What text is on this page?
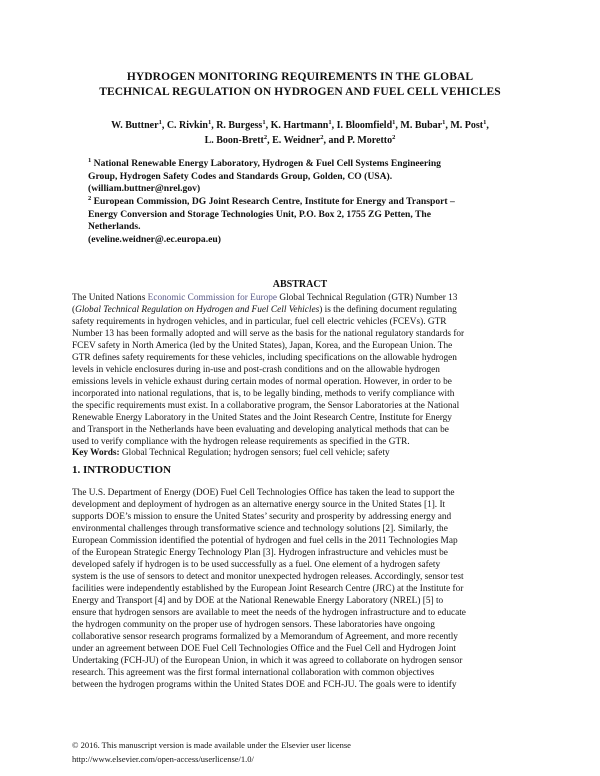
HYDROGEN MONITORING REQUIREMENTS IN THE GLOBAL
TECHNICAL REGULATION ON HYDROGEN AND FUEL CELL VEHICLES
W. Buttner$^1$, C. Rivkin$^1$, R. Burgess$^1$, K. Hartmann$^1$, I. Bloomfield$^1$, M. Bubar$^1$, M. Post$^1$,
L. Boon-Brett$^2$, E. Weidner$^2$, and P. Moretto$^2$
$^1$ National Renewable Energy Laboratory, Hydrogen & Fuel Cell Systems Engineering
Group, Hydrogen Safety Codes and Standards Group, Golden, CO (USA).
(william.buttner@nrel.gov)
$^2$ European Commission, DG Joint Research Centre, Institute for Energy and Transport –
Energy Conversion and Storage Technologies Unit, P.O. Box 2, 1755 ZG Petten, The
Netherlands.
(eveline.weidner@.ec.europa.eu)
ABSTRACT
The United Nations Economic Commission for Europe Global Technical Regulation (GTR) Number 13
(Global Technical Regulation on Hydrogen and Fuel Cell Vehicles) is the defining document regulating
safety requirements in hydrogen vehicles, and in particular, fuel cell electric vehicles (FCEVs). GTR
Number 13 has been formally adopted and will serve as the basis for the national regulatory standards for
FCEV safety in North America (led by the United States), Japan, Korea, and the European Union. The
GTR defines safety requirements for these vehicles, including specifications on the allowable hydrogen
levels in vehicle enclosures during in-use and post-crash conditions and on the allowable hydrogen
emissions levels in vehicle exhaust during certain modes of normal operation. However, in order to be
incorporated into national regulations, that is, to be legally binding, methods to verify compliance with
the specific requirements must exist. In a collaborative program, the Sensor Laboratories at the National
Renewable Energy Laboratory in the United States and the Joint Research Centre, Institute for Energy
and Transport in the Netherlands have been evaluating and developing analytical methods that can be
used to verify compliance with the hydrogen release requirements as specified in the GTR.
Key Words: Global Technical Regulation; hydrogen sensors; fuel cell vehicle; safety
1. INTRODUCTION
The U.S. Department of Energy (DOE) Fuel Cell Technologies Office has taken the lead to support the
development and deployment of hydrogen as an alternative energy source in the United States [1]. It
supports DOE’s mission to ensure the United States’ security and prosperity by addressing energy and
environmental challenges through transformative science and technology solutions [2]. Similarly, the
European Commission identified the potential of hydrogen and fuel cells in the 2011 Technologies Map
of the European Strategic Energy Technology Plan [3]. Hydrogen infrastructure and vehicles must be
developed safely if hydrogen is to be used successfully as a fuel. One element of a hydrogen safety
system is the use of sensors to detect and monitor unexpected hydrogen releases. Accordingly, sensor test
facilities were independently established by the European Joint Research Centre (JRC) at the Institute for
Energy and Transport [4] and by DOE at the National Renewable Energy Laboratory (NREL) [5] to
ensure that hydrogen sensors are available to meet the needs of the hydrogen infrastructure and to educate
the hydrogen community on the proper use of hydrogen sensors. These laboratories have ongoing
collaborative sensor research programs formalized by a Memorandum of Agreement, and more recently
under an agreement between DOE Fuel Cell Technologies Office and the Fuel Cell and Hydrogen Joint
Undertaking (FCH-JU) of the European Union, in which it was agreed to collaborate on hydrogen sensor
research. This agreement was the first formal international collaboration with common objectives
between the hydrogen programs within the United States DOE and FCH-JU. The goals were to identify
© 2016. This manuscript version is made available under the Elsevier user license
http://www.elsevier.com/open-access/userlicense/1.0/
